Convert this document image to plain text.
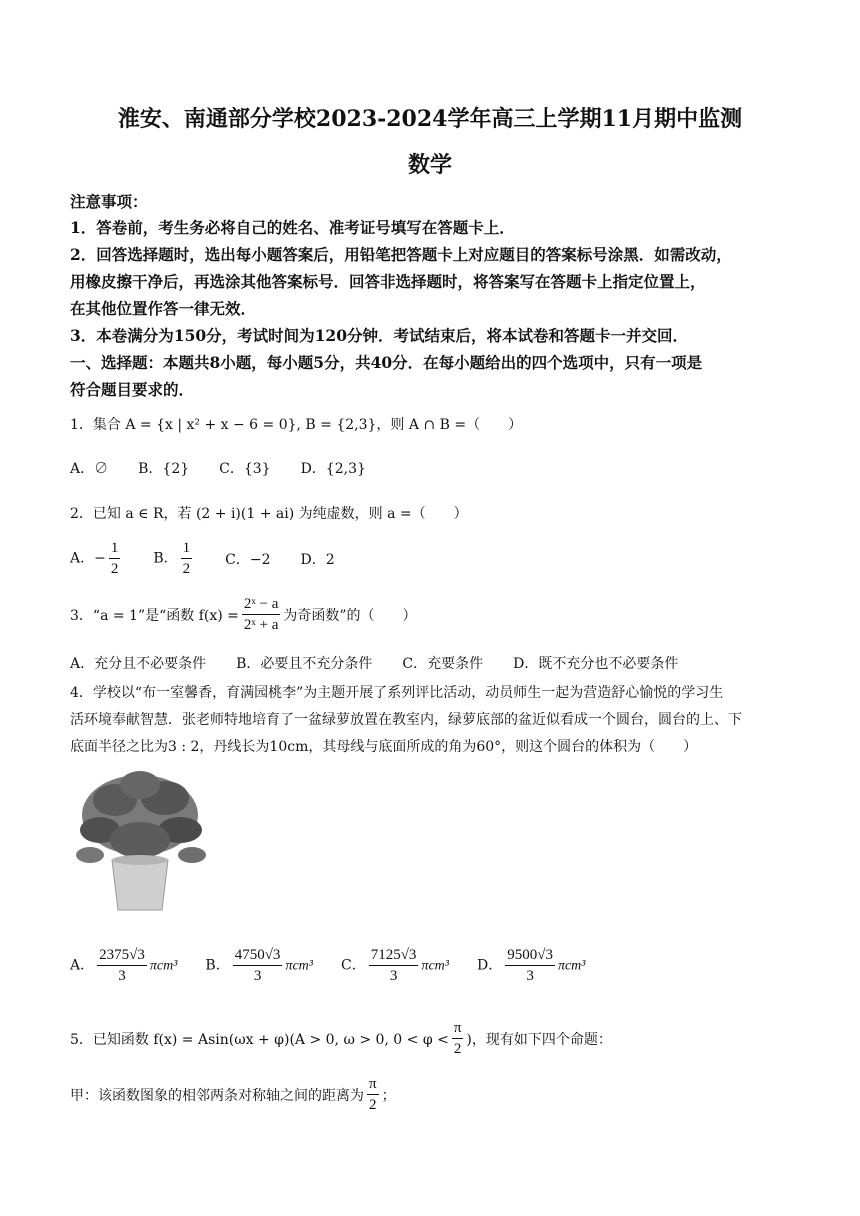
淮安、南通部分学校2023-2024学年高三上学期11月期中监测
数学
注意事项：
1．答卷前，考生务必将自己的姓名、准考证号填写在答题卡上．
2．回答选择题时，选出每小题答案后，用铅笔把答题卡上对应题目的答案标号涂黑．如需改动，
用橡皮擦干净后，再选涂其他答案标号．回答非选择题时，将答案写在答题卡上指定位置上，
在其他位置作答一律无效．
3．本卷满分为150分，考试时间为120分钟．考试结束后，将本试卷和答题卡一并交回．
一、选择题：本题共8小题，每小题5分，共40分．在每小题给出的四个选项中，只有一项是
符合题目要求的．
1．集合 A = {x | x² + x − 6 = 0}, B = {2,3}，则 A ∩ B =（　　）
A．∅ B．{2} C．{3} D．{2,3}
2．已知 a ∈ R，若 (2 + i)(1 + ai) 为纯虚数，则 a =（　　）
A．− $\frac{1}{2}$ B． $\frac{1}{2}$ C．−2 D．2
3．“a = 1”是“函数 $f(x) = \frac{\text{2ˣ − a}}{\text{2ˣ + a}}$ 为奇函数”的（　　）
A．充分且不必要条件 B．必要且不充分条件 C．充要条件 D．既不充分也不必要条件
4．学校以“布一室馨香，育满园桃李”为主题开展了系列评比活动，动员师生一起为营造舒心愉悦的学习生
活环境奉献智慧．张老师特地培育了一盆绿萝放置在教室内，绿萝底部的盆近似看成一个圆台，圆台的上、下
底面半径之比为3 : 2，丹线长为10cm，其母线与底面所成的角为60°，则这个圆台的体积为（　　）
A． $\frac{2375√3}{3} \pi cm^3$ B． $\frac{4750√3}{3} \pi cm^3$ C． $\frac{7125√3}{3} \pi cm^3$ D． $\frac{9500√3}{3} \pi cm^3$
5．已知函数 f(x) = Asin(ωx + φ)(A > 0, ω > 0, $0 < \varphi < \frac{\pi}{2}$ )，现有如下四个命题：
甲：该函数图象的相邻两条对称轴之间的距离为 $\frac{\pi}{2}$ ；
